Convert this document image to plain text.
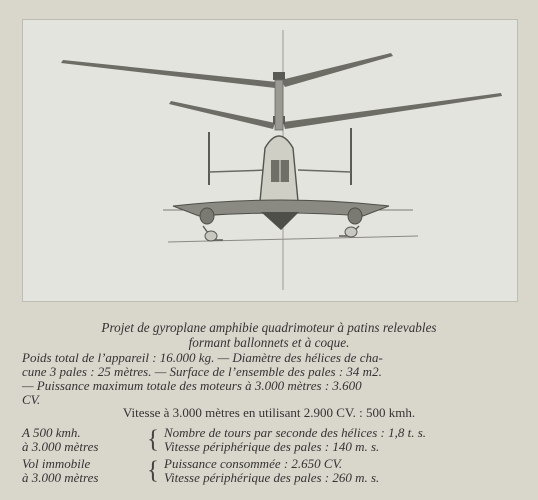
Projet de gyroplane amphibie quadrimoteur à patins relevables
formant ballonnets et à coque.
Poids total de l’appareil : 16.000 kg. — Diamètre des hélices de cha-
cune 3 pales : 25 mètres. — Surface de l’ensemble des pales : 34 m2.
— Puissance maximum totale des moteurs à 3.000 mètres : 3.600
CV.
Vitesse à 3.000 mètres en utilisant 2.900 CV. : 500 kmh.
A 500 kmh.
à 3.000 mètres	{ Nombre de tours par seconde des hélices : 1,8 t. s.
Vitesse périphérique des pales : 140 m. s.
Vol immobile
à 3.000 mètres	{ Puissance consommée : 2.650 CV.
Vitesse périphérique des pales : 260 m. s.
